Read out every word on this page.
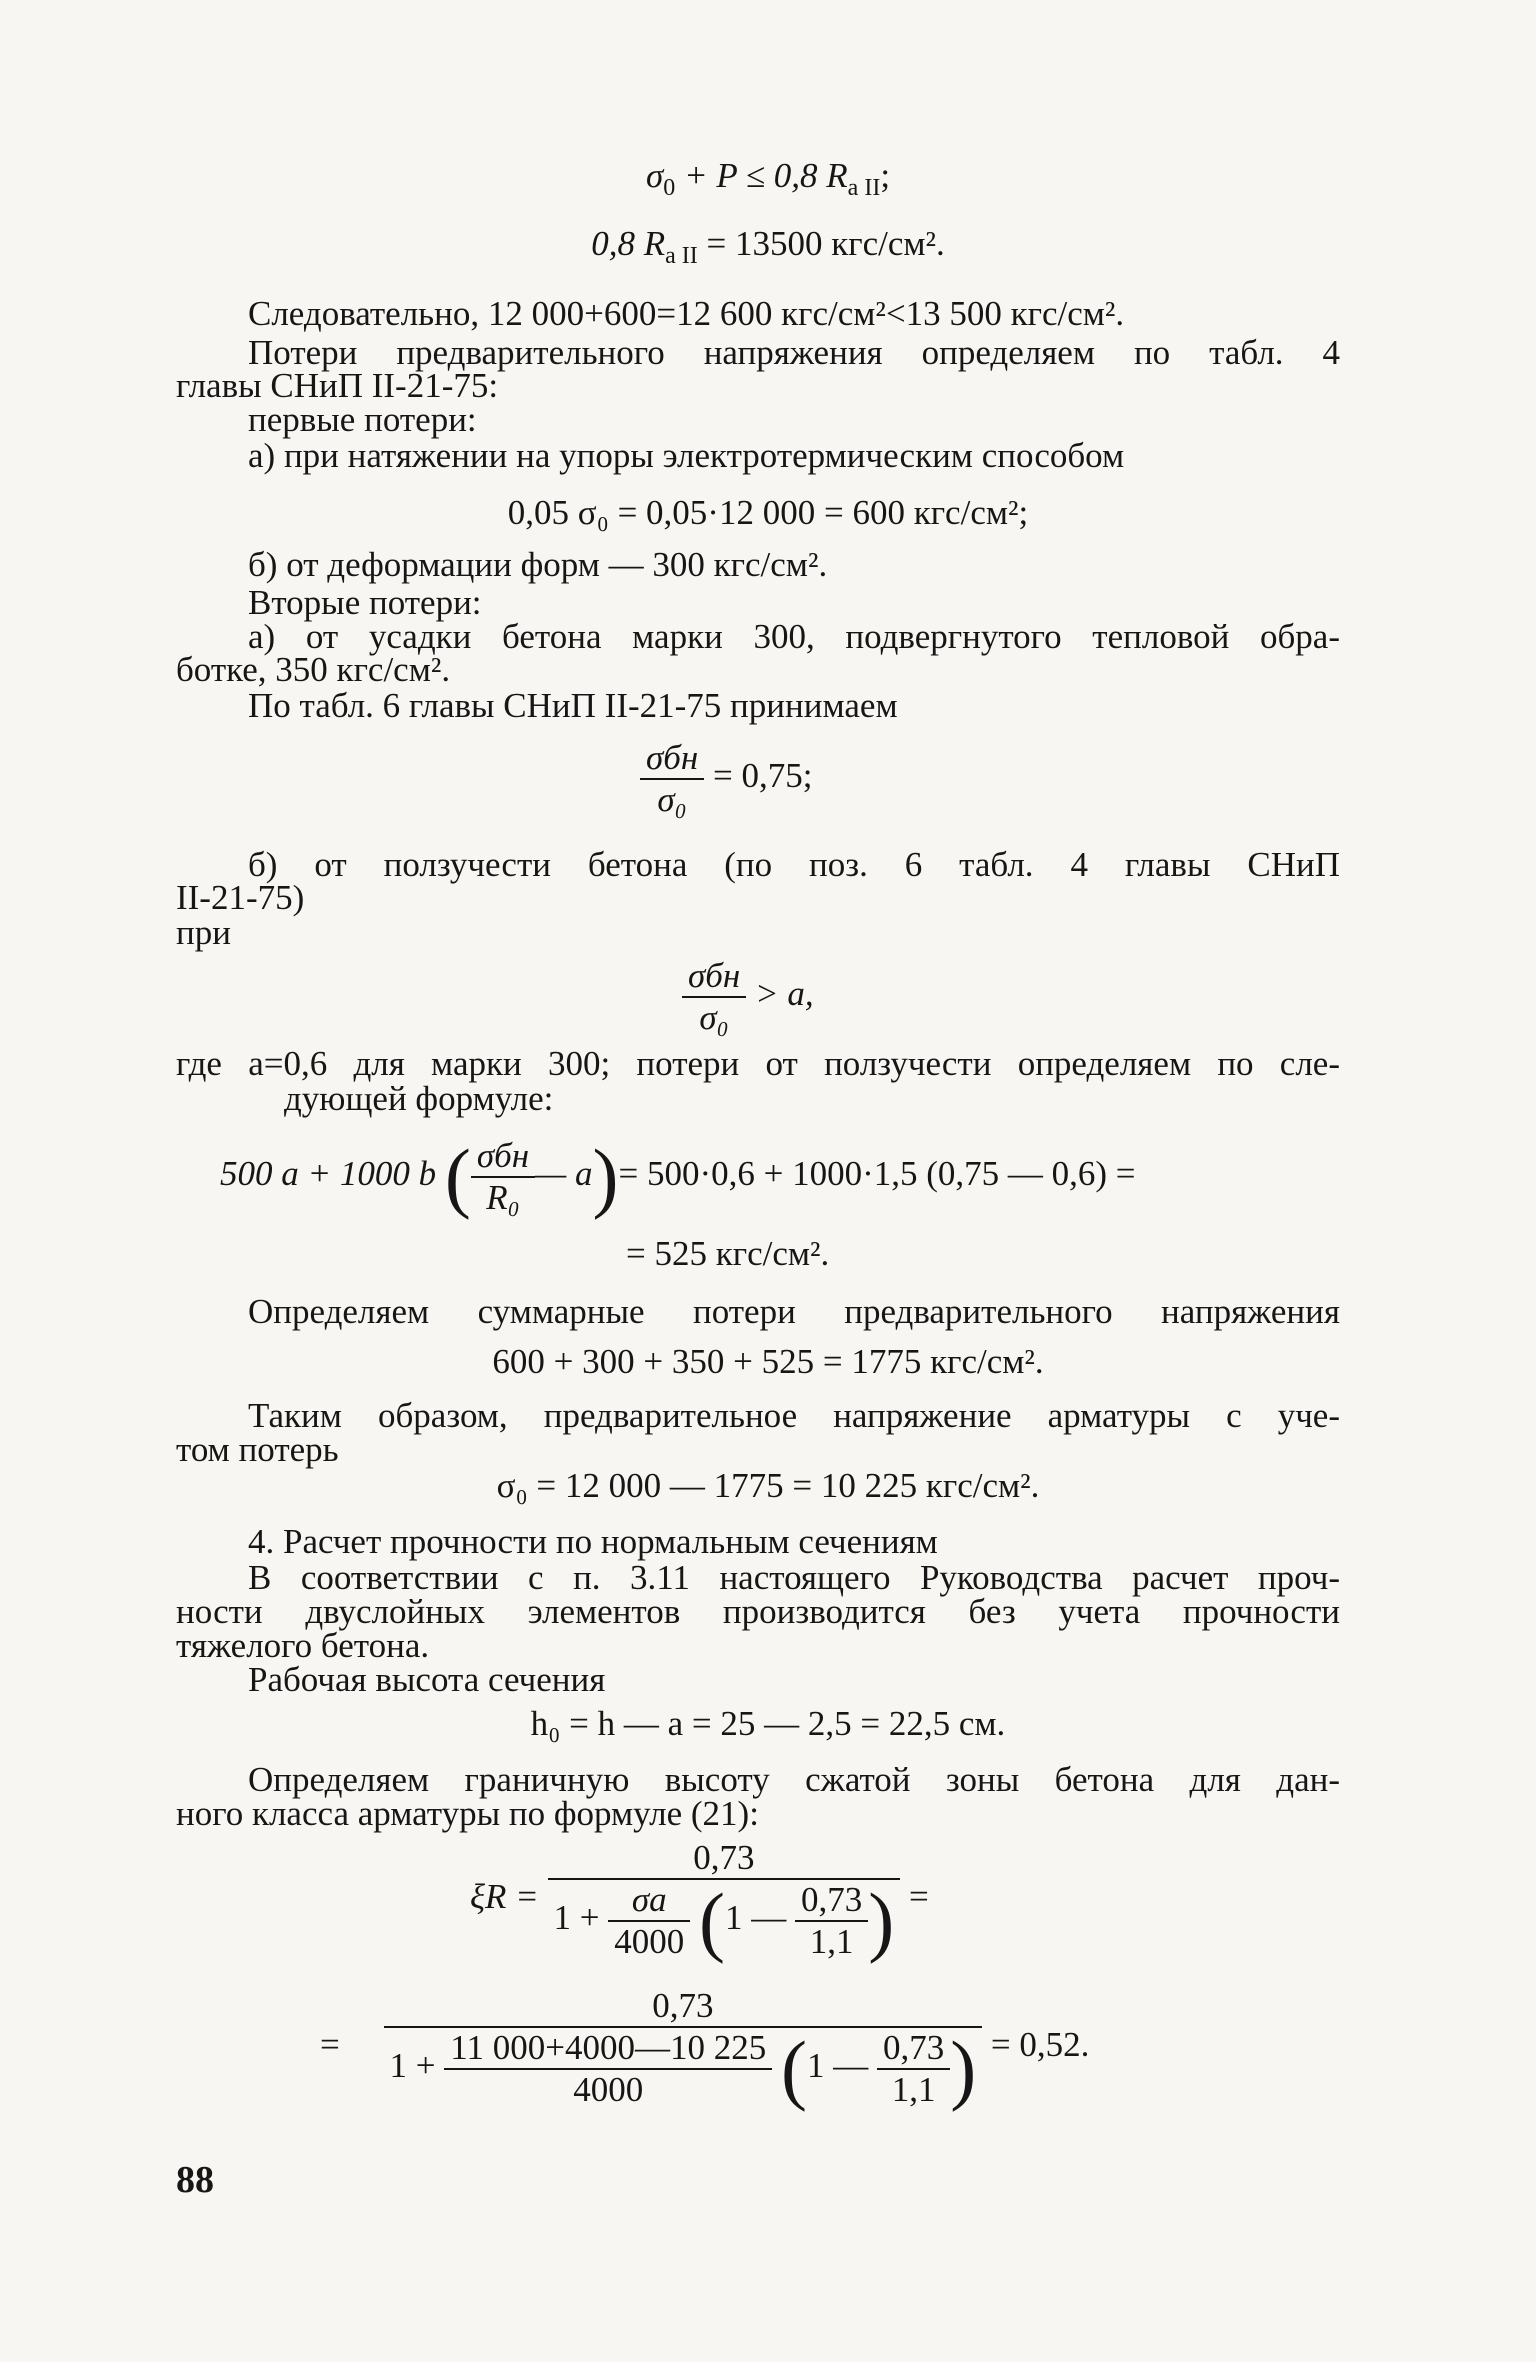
$\sigma_0 + P \le 0,8$ $R_{a II}$;
0,8 $R_{a II} = 13500$ кгс/см².
Следовательно, 12 000+600=12 600 кгс/см²<13 500 кгс/см².
Потери предварительного напряжения определяем по табл. 4
главы СНиП II-21-75:
первые потери:
а) при натяжении на упоры электротермическим способом
0,05 σ₀ = 0,05·12 000 = 600 кгс/см²;
б) от деформации форм — 300 кгс/см².
Вторые потери:
а) от усадки бетона марки 300, подвергнутого тепловой обра-
ботке, 350 кгс/см².
По табл. 6 главы СНиП II-21-75 принимаем
$\frac{\text{σбн}}{\text{σ₀}} = 0,75$;
б) от ползучести бетона (по поз. 6 табл. 4 главы СНиП
II-21-75)
при
$\frac{\text{σбн}}{\text{σ₀}} > a$,
где a=0,6 для марки 300; потери от ползучести определяем по сле-
дующей формуле:
500 a + 1000 b ( $\frac{\text{σбн}}{\text{R₀}}$ — a)= 500·0,6 + 1000·1,5 (0,75 — 0,6) =
= 525 кгс/см².
Определяем суммарные потери предварительного напряжения
600 + 300 + 350 + 525 = 1775 кгс/см².
Таким образом, предварительное напряжение арматуры с уче-
том потерь
σ₀ = 12 000 — 1775 = 10 225 кгс/см².
4. Расчет прочности по нормальным сечениям
В соответствии с п. 3.11 настоящего Руководства расчет проч-
ности двуслойных элементов производится без учета прочности
тяжелого бетона.
Рабочая высота сечения
h₀ = h — a = 25 — 2,5 = 22,5 см.
Определяем граничную высоту сжатой зоны бетона для дан-
ного класса арматуры по формуле (21):
$\xi R = \frac{0,73}{1 + \frac{\sigma а}{4000} (1 — \frac{0,73}{1,1} )}$ =
= $\frac{0,73}{1 + \frac{11 000+4000—10 225}{4000} (1 — \frac{0,73}{1,1} )} = 0,52$.
88
